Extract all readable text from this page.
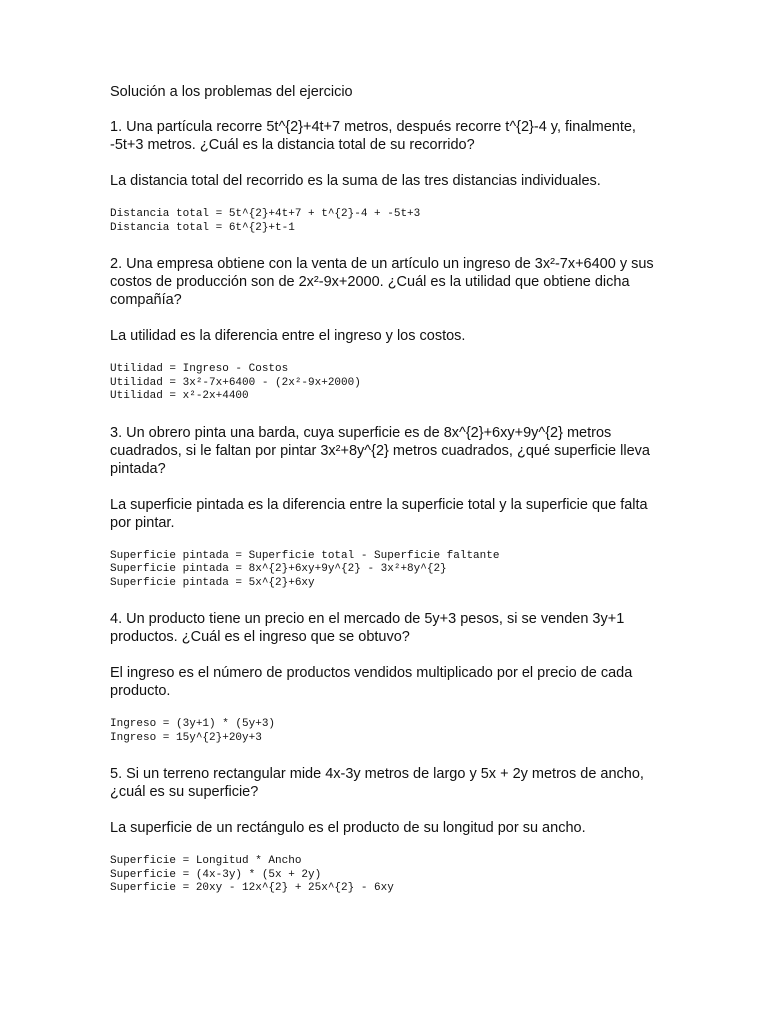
Solución a los problemas del ejercicio

1. Una partícula recorre 5t^{2}+4t+7 metros, después recorre t^{2}-4 y, finalmente, -5t+3 metros. ¿Cuál es la distancia total de su recorrido?

La distancia total del recorrido es la suma de las tres distancias individuales.

Distancia total = 5t^{2}+4t+7 + t^{2}-4 + -5t+3
Distancia total = 6t^{2}+t-1

2. Una empresa obtiene con la venta de un artículo un ingreso de 3x²-7x+6400 y sus costos de producción son de 2x²-9x+2000. ¿Cuál es la utilidad que obtiene dicha compañía?

La utilidad es la diferencia entre el ingreso y los costos.

Utilidad = Ingreso - Costos
Utilidad = 3x²-7x+6400 - (2x²-9x+2000)
Utilidad = x²-2x+4400

3. Un obrero pinta una barda, cuya superficie es de 8x^{2}+6xy+9y^{2} metros cuadrados, si le faltan por pintar 3x²+8y^{2} metros cuadrados, ¿qué superficie lleva pintada?

La superficie pintada es la diferencia entre la superficie total y la superficie que falta por pintar.

Superficie pintada = Superficie total - Superficie faltante
Superficie pintada = 8x^{2}+6xy+9y^{2} - 3x²+8y^{2}
Superficie pintada = 5x^{2}+6xy

4. Un producto tiene un precio en el mercado de 5y+3 pesos, si se venden 3y+1 productos. ¿Cuál es el ingreso que se obtuvo?

El ingreso es el número de productos vendidos multiplicado por el precio de cada producto.

Ingreso = (3y+1) * (5y+3)
Ingreso = 15y^{2}+20y+3

5. Si un terreno rectangular mide 4x-3y metros de largo y 5x + 2y metros de ancho, ¿cuál es su superficie?

La superficie de un rectángulo es el producto de su longitud por su ancho.

Superficie = Longitud * Ancho
Superficie = (4x-3y) * (5x + 2y)
Superficie = 20xy - 12x^{2} + 25x^{2} - 6xy
